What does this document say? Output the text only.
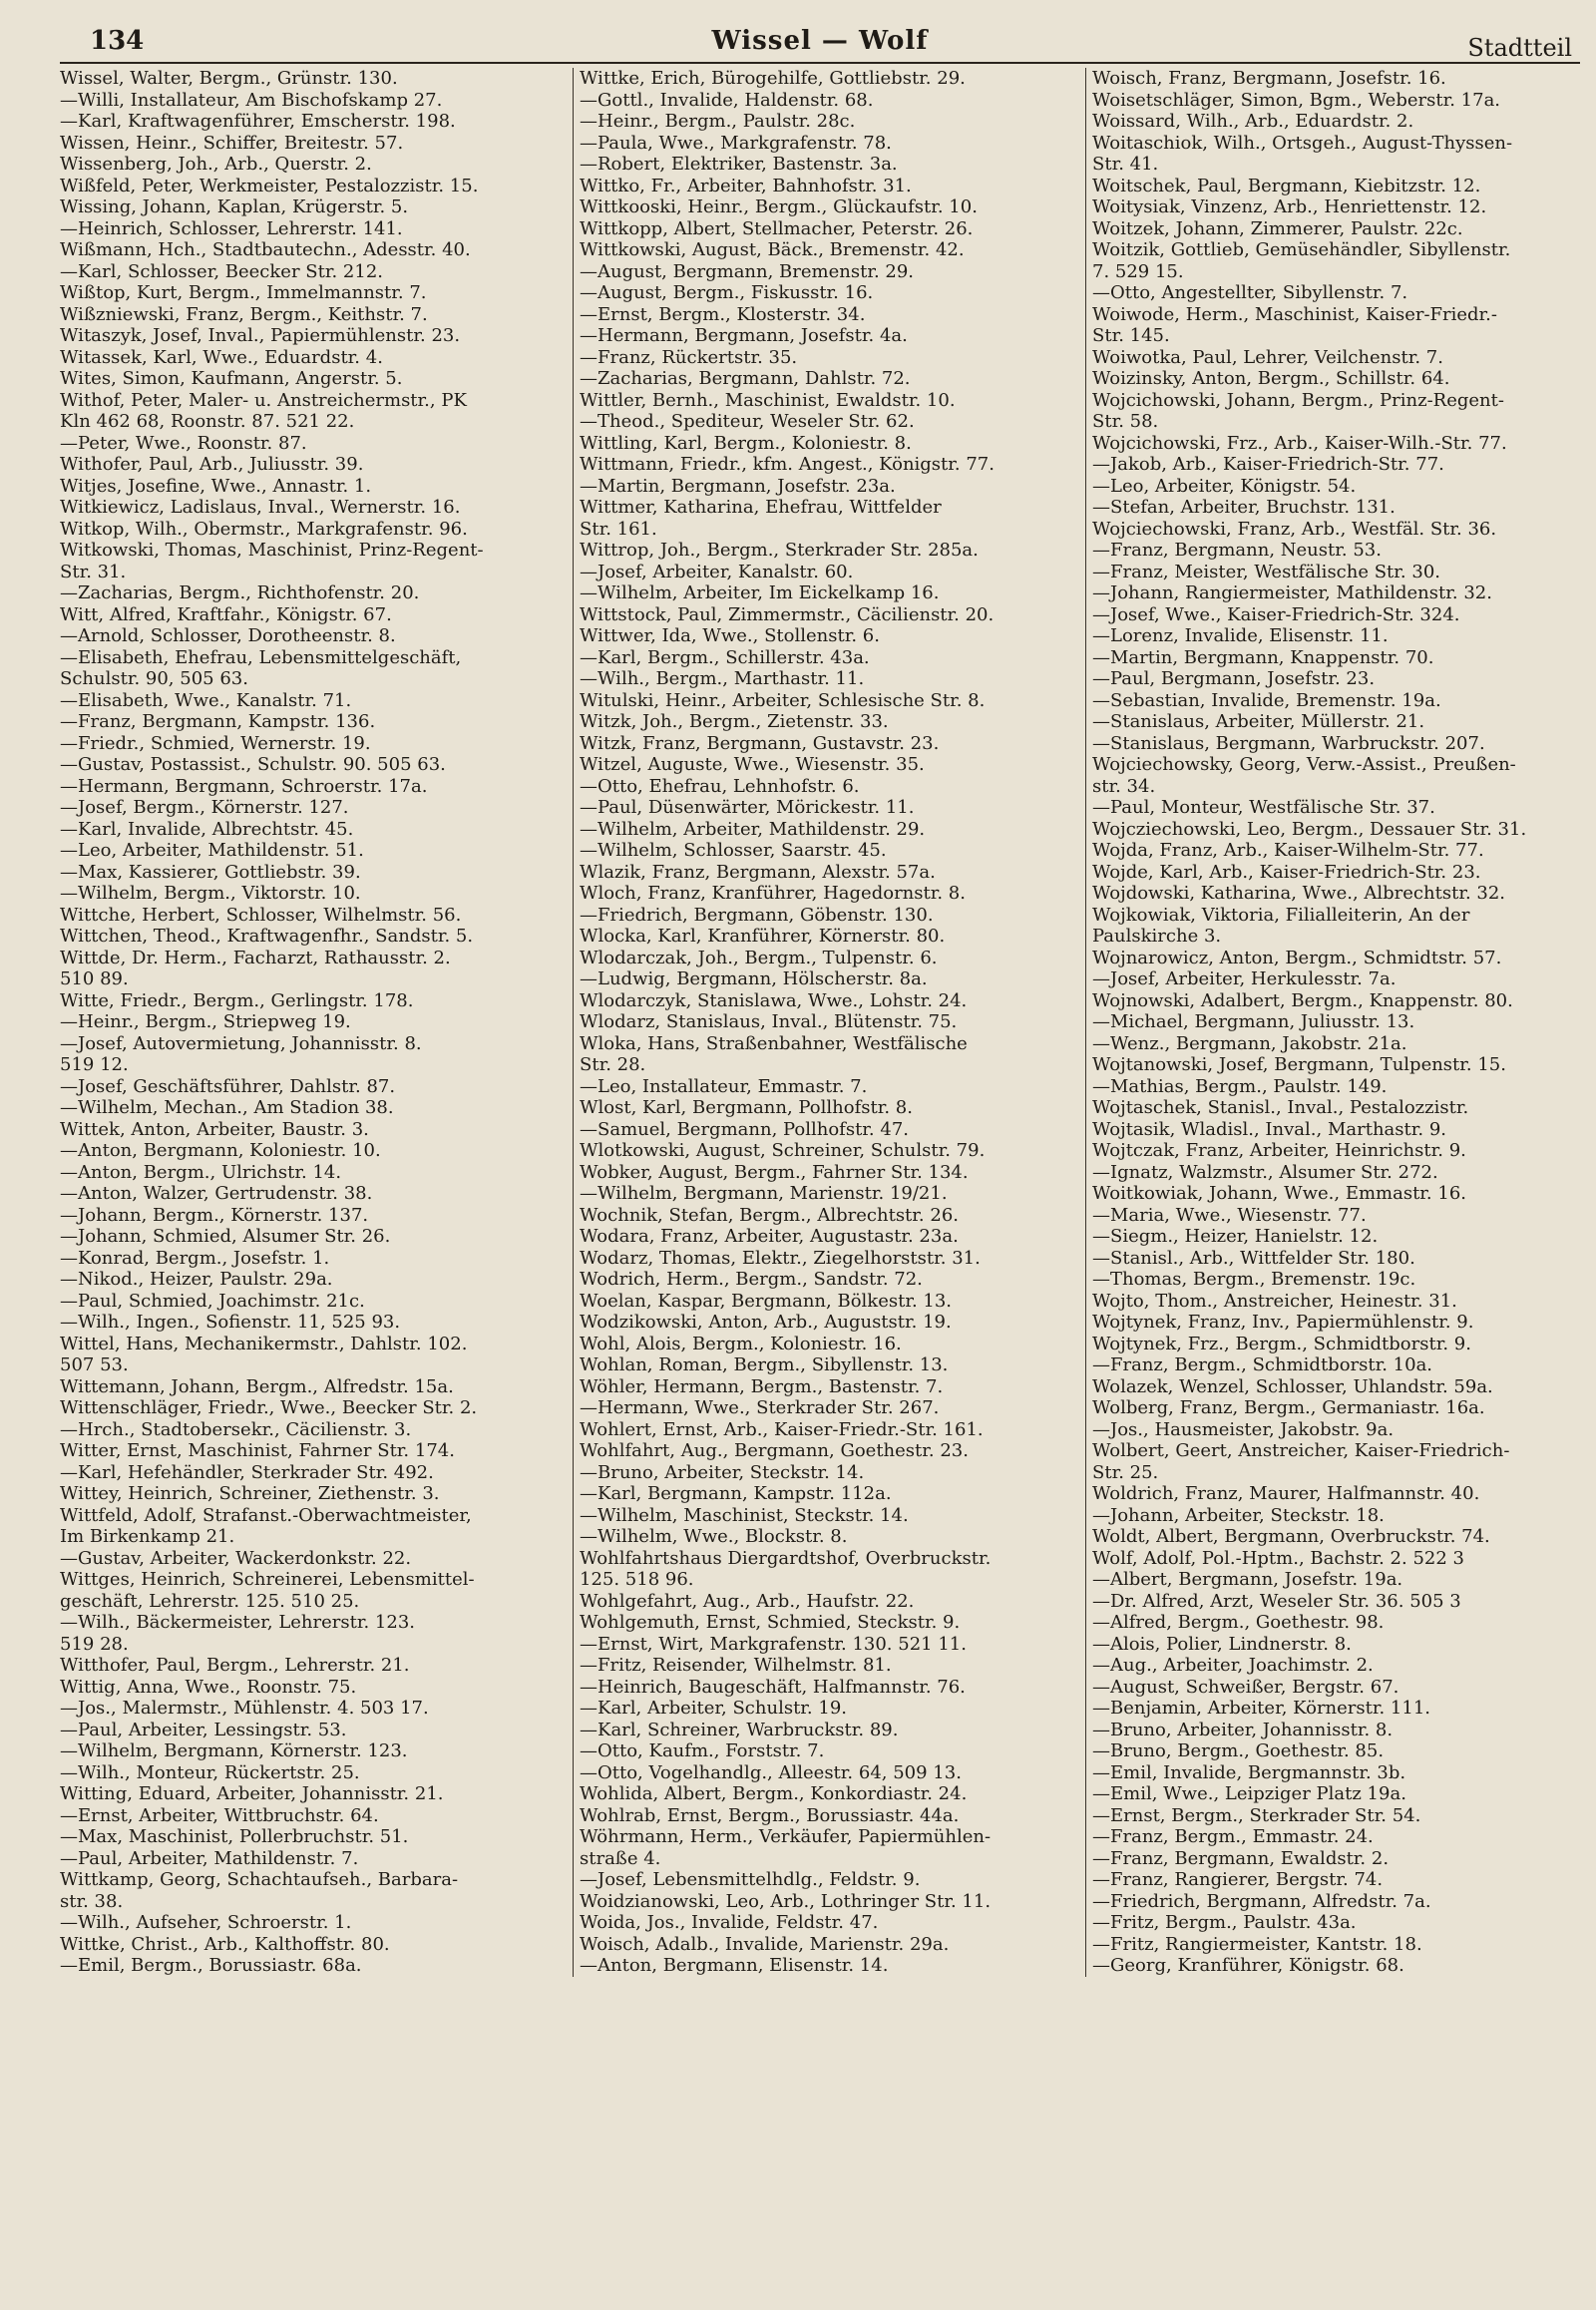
134	Wissel — Wolf	Stadtteil
Wissel, Walter, Bergm., Grünstr. 130.
—Willi, Installateur, Am Bischofskamp 27.
—Karl, Kraftwagenführer, Emscherstr. 198.
Wissen, Heinr., Schiffer, Breitestr. 57.
Wissenberg, Joh., Arb., Querstr. 2.
Wißfeld, Peter, Werkmeister, Pestalozzistr. 15.
Wissing, Johann, Kaplan, Krügerstr. 5.
—Heinrich, Schlosser, Lehrerstr. 141.
Wißmann, Hch., Stadtbautechn., Adesstr. 40.
—Karl, Schlosser, Beecker Str. 212.
Wißtop, Kurt, Bergm., Immelmannstr. 7.
Wißzniewski, Franz, Bergm., Keithstr. 7.
Witaszyk, Josef, Inval., Papiermühlenstr. 23.
Witassek, Karl, Wwe., Eduardstr. 4.
Wites, Simon, Kaufmann, Angerstr. 5.
Withof, Peter, Maler- u. Anstreichermstr., PK
Kln 462 68, Roonstr. 87. 521 22.
—Peter, Wwe., Roonstr. 87.
Withofer, Paul, Arb., Juliusstr. 39.
Witjes, Josefine, Wwe., Annastr. 1.
Witkiewicz, Ladislaus, Inval., Wernerstr. 16.
Witkop, Wilh., Obermstr., Markgrafenstr. 96.
Witkowski, Thomas, Maschinist, Prinz-Regent-
Str. 31.
—Zacharias, Bergm., Richthofenstr. 20.
Witt, Alfred, Kraftfahr., Königstr. 67.
—Arnold, Schlosser, Dorotheenstr. 8.
—Elisabeth, Ehefrau, Lebensmittelgeschäft,
Schulstr. 90, 505 63.
—Elisabeth, Wwe., Kanalstr. 71.
—Franz, Bergmann, Kampstr. 136.
—Friedr., Schmied, Wernerstr. 19.
—Gustav, Postassist., Schulstr. 90. 505 63.
—Hermann, Bergmann, Schroerstr. 17a.
—Josef, Bergm., Körnerstr. 127.
—Karl, Invalide, Albrechtstr. 45.
—Leo, Arbeiter, Mathildenstr. 51.
—Max, Kassierer, Gottliebstr. 39.
—Wilhelm, Bergm., Viktorstr. 10.
Wittche, Herbert, Schlosser, Wilhelmstr. 56.
Wittchen, Theod., Kraftwagenfhr., Sandstr. 5.
Wittde, Dr. Herm., Facharzt, Rathausstr. 2.
510 89.
Witte, Friedr., Bergm., Gerlingstr. 178.
—Heinr., Bergm., Striepweg 19.
—Josef, Autovermietung, Johannisstr. 8.
519 12.
—Josef, Geschäftsführer, Dahlstr. 87.
—Wilhelm, Mechan., Am Stadion 38.
Wittek, Anton, Arbeiter, Baustr. 3.
—Anton, Bergmann, Koloniestr. 10.
—Anton, Bergm., Ulrichstr. 14.
—Anton, Walzer, Gertrudenstr. 38.
—Johann, Bergm., Körnerstr. 137.
—Johann, Schmied, Alsumer Str. 26.
—Konrad, Bergm., Josefstr. 1.
—Nikod., Heizer, Paulstr. 29a.
—Paul, Schmied, Joachimstr. 21c.
—Wilh., Ingen., Sofienstr. 11, 525 93.
Wittel, Hans, Mechanikermstr., Dahlstr. 102.
507 53.
Wittemann, Johann, Bergm., Alfredstr. 15a.
Wittenschläger, Friedr., Wwe., Beecker Str. 2.
—Hrch., Stadtobersekr., Cäcilienstr. 3.
Witter, Ernst, Maschinist, Fahrner Str. 174.
—Karl, Hefehändler, Sterkrader Str. 492.
Wittey, Heinrich, Schreiner, Ziethenstr. 3.
Wittfeld, Adolf, Strafanst.-Oberwachtmeister,
Im Birkenkamp 21.
—Gustav, Arbeiter, Wackerdonkstr. 22.
Wittges, Heinrich, Schreinerei, Lebensmittel-
geschäft, Lehrerstr. 125. 510 25.
—Wilh., Bäckermeister, Lehrerstr. 123.
519 28.
Witthofer, Paul, Bergm., Lehrerstr. 21.
Wittig, Anna, Wwe., Roonstr. 75.
—Jos., Malermstr., Mühlenstr. 4. 503 17.
—Paul, Arbeiter, Lessingstr. 53.
—Wilhelm, Bergmann, Körnerstr. 123.
—Wilh., Monteur, Rückertstr. 25.
Witting, Eduard, Arbeiter, Johannisstr. 21.
—Ernst, Arbeiter, Wittbruchstr. 64.
—Max, Maschinist, Pollerbruchstr. 51.
—Paul, Arbeiter, Mathildenstr. 7.
Wittkamp, Georg, Schachtaufseh., Barbara-
str. 38.
—Wilh., Aufseher, Schroerstr. 1.
Wittke, Christ., Arb., Kalthoffstr. 80.
—Emil, Bergm., Borussiastr. 68a.
Wittke, Erich, Bürogehilfe, Gottliebstr. 29.
—Gottl., Invalide, Haldenstr. 68.
—Heinr., Bergm., Paulstr. 28c.
—Paula, Wwe., Markgrafenstr. 78.
—Robert, Elektriker, Bastenstr. 3a.
Wittko, Fr., Arbeiter, Bahnhofstr. 31.
Wittkooski, Heinr., Bergm., Glückaufstr. 10.
Wittkopp, Albert, Stellmacher, Peterstr. 26.
Wittkowski, August, Bäck., Bremenstr. 42.
—August, Bergmann, Bremenstr. 29.
—August, Bergm., Fiskusstr. 16.
—Ernst, Bergm., Klosterstr. 34.
—Hermann, Bergmann, Josefstr. 4a.
—Franz, Rückertstr. 35.
—Zacharias, Bergmann, Dahlstr. 72.
Wittler, Bernh., Maschinist, Ewaldstr. 10.
—Theod., Spediteur, Weseler Str. 62.
Wittling, Karl, Bergm., Koloniestr. 8.
Wittmann, Friedr., kfm. Angest., Königstr. 77.
—Martin, Bergmann, Josefstr. 23a.
Wittmer, Katharina, Ehefrau, Wittfelder
Str. 161.
Wittrop, Joh., Bergm., Sterkrader Str. 285a.
—Josef, Arbeiter, Kanalstr. 60.
—Wilhelm, Arbeiter, Im Eickelkamp 16.
Wittstock, Paul, Zimmermstr., Cäcilienstr. 20.
Wittwer, Ida, Wwe., Stollenstr. 6.
—Karl, Bergm., Schillerstr. 43a.
—Wilh., Bergm., Marthastr. 11.
Witulski, Heinr., Arbeiter, Schlesische Str. 8.
Witzk, Joh., Bergm., Zietenstr. 33.
Witzk, Franz, Bergmann, Gustavstr. 23.
Witzel, Auguste, Wwe., Wiesenstr. 35.
—Otto, Ehefrau, Lehnhofstr. 6.
—Paul, Düsenwärter, Mörickestr. 11.
—Wilhelm, Arbeiter, Mathildenstr. 29.
—Wilhelm, Schlosser, Saarstr. 45.
Wlazik, Franz, Bergmann, Alexstr. 57a.
Wloch, Franz, Kranführer, Hagedornstr. 8.
—Friedrich, Bergmann, Göbenstr. 130.
Wlocka, Karl, Kranführer, Körnerstr. 80.
Wlodarczak, Joh., Bergm., Tulpenstr. 6.
—Ludwig, Bergmann, Hölscherstr. 8a.
Wlodarczyk, Stanislawa, Wwe., Lohstr. 24.
Wlodarz, Stanislaus, Inval., Blütenstr. 75.
Wloka, Hans, Straßenbahner, Westfälische
Str. 28.
—Leo, Installateur, Emmastr. 7.
Wlost, Karl, Bergmann, Pollhofstr. 8.
—Samuel, Bergmann, Pollhofstr. 47.
Wlotkowski, August, Schreiner, Schulstr. 79.
Wobker, August, Bergm., Fahrner Str. 134.
—Wilhelm, Bergmann, Marienstr. 19/21.
Wochnik, Stefan, Bergm., Albrechtstr. 26.
Wodara, Franz, Arbeiter, Augustastr. 23a.
Wodarz, Thomas, Elektr., Ziegelhorststr. 31.
Wodrich, Herm., Bergm., Sandstr. 72.
Woelan, Kaspar, Bergmann, Bölkestr. 13.
Wodzikowski, Anton, Arb., Auguststr. 19.
Wohl, Alois, Bergm., Koloniestr. 16.
Wohlan, Roman, Bergm., Sibyllenstr. 13.
Wöhler, Hermann, Bergm., Bastenstr. 7.
—Hermann, Wwe., Sterkrader Str. 267.
Wohlert, Ernst, Arb., Kaiser-Friedr.-Str. 161.
Wohlfahrt, Aug., Bergmann, Goethestr. 23.
—Bruno, Arbeiter, Steckstr. 14.
—Karl, Bergmann, Kampstr. 112a.
—Wilhelm, Maschinist, Steckstr. 14.
—Wilhelm, Wwe., Blockstr. 8.
Wohlfahrtshaus Diergardtshof, Overbruckstr.
125. 518 96.
Wohlgefahrt, Aug., Arb., Haufstr. 22.
Wohlgemuth, Ernst, Schmied, Steckstr. 9.
—Ernst, Wirt, Markgrafenstr. 130. 521 11.
—Fritz, Reisender, Wilhelmstr. 81.
—Heinrich, Baugeschäft, Halfmannstr. 76.
—Karl, Arbeiter, Schulstr. 19.
—Karl, Schreiner, Warbruckstr. 89.
—Otto, Kaufm., Forststr. 7.
—Otto, Vogelhandlg., Alleestr. 64, 509 13.
Wohlida, Albert, Bergm., Konkordiastr. 24.
Wohlrab, Ernst, Bergm., Borussiastr. 44a.
Wöhrmann, Herm., Verkäufer, Papiermühlen-
straße 4.
—Josef, Lebensmittelhdlg., Feldstr. 9.
Woidzianowski, Leo, Arb., Lothringer Str. 11.
Woida, Jos., Invalide, Feldstr. 47.
Woisch, Adalb., Invalide, Marienstr. 29a.
—Anton, Bergmann, Elisenstr. 14.
Woisch, Franz, Bergmann, Josefstr. 16.
Woisetschläger, Simon, Bgm., Weberstr. 17a.
Woissard, Wilh., Arb., Eduardstr. 2.
Woitaschiok, Wilh., Ortsgeh., August-Thyssen-
Str. 41.
Woitschek, Paul, Bergmann, Kiebitzstr. 12.
Woitysiak, Vinzenz, Arb., Henriettenstr. 12.
Woitzek, Johann, Zimmerer, Paulstr. 22c.
Woitzik, Gottlieb, Gemüsehändler, Sibyllenstr.
7. 529 15.
—Otto, Angestellter, Sibyllenstr. 7.
Woiwode, Herm., Maschinist, Kaiser-Friedr.-
Str. 145.
Woiwotka, Paul, Lehrer, Veilchenstr. 7.
Woizinsky, Anton, Bergm., Schillstr. 64.
Wojcichowski, Johann, Bergm., Prinz-Regent-
Str. 58.
Wojcichowski, Frz., Arb., Kaiser-Wilh.-Str. 77.
—Jakob, Arb., Kaiser-Friedrich-Str. 77.
—Leo, Arbeiter, Königstr. 54.
—Stefan, Arbeiter, Bruchstr. 131.
Wojciechowski, Franz, Arb., Westfäl. Str. 36.
—Franz, Bergmann, Neustr. 53.
—Franz, Meister, Westfälische Str. 30.
—Johann, Rangiermeister, Mathildenstr. 32.
—Josef, Wwe., Kaiser-Friedrich-Str. 324.
—Lorenz, Invalide, Elisenstr. 11.
—Martin, Bergmann, Knappenstr. 70.
—Paul, Bergmann, Josefstr. 23.
—Sebastian, Invalide, Bremenstr. 19a.
—Stanislaus, Arbeiter, Müllerstr. 21.
—Stanislaus, Bergmann, Warbruckstr. 207.
Wojciechowsky, Georg, Verw.-Assist., Preußen-
str. 34.
—Paul, Monteur, Westfälische Str. 37.
Wojcziechowski, Leo, Bergm., Dessauer Str. 31.
Wojda, Franz, Arb., Kaiser-Wilhelm-Str. 77.
Wojde, Karl, Arb., Kaiser-Friedrich-Str. 23.
Wojdowski, Katharina, Wwe., Albrechtstr. 32.
Wojkowiak, Viktoria, Filialleiterin, An der
Paulskirche 3.
Wojnarowicz, Anton, Bergm., Schmidtstr. 57.
—Josef, Arbeiter, Herkulesstr. 7a.
Wojnowski, Adalbert, Bergm., Knappenstr. 80.
—Michael, Bergmann, Juliusstr. 13.
—Wenz., Bergmann, Jakobstr. 21a.
Wojtanowski, Josef, Bergmann, Tulpenstr. 15.
—Mathias, Bergm., Paulstr. 149.
Wojtaschek, Stanisl., Inval., Pestalozzistr.
Wojtasik, Wladisl., Inval., Marthastr. 9.
Wojtczak, Franz, Arbeiter, Heinrichstr. 9.
—Ignatz, Walzmstr., Alsumer Str. 272.
Woitkowiak, Johann, Wwe., Emmastr. 16.
—Maria, Wwe., Wiesenstr. 77.
—Siegm., Heizer, Hanielstr. 12.
—Stanisl., Arb., Wittfelder Str. 180.
—Thomas, Bergm., Bremenstr. 19c.
Wojto, Thom., Anstreicher, Heinestr. 31.
Wojtynek, Franz, Inv., Papiermühlenstr. 9.
Wojtynek, Frz., Bergm., Schmidtborstr. 9.
—Franz, Bergm., Schmidtborstr. 10a.
Wolazek, Wenzel, Schlosser, Uhlandstr. 59a.
Wolberg, Franz, Bergm., Germaniastr. 16a.
—Jos., Hausmeister, Jakobstr. 9a.
Wolbert, Geert, Anstreicher, Kaiser-Friedrich-
Str. 25.
Woldrich, Franz, Maurer, Halfmannstr. 40.
—Johann, Arbeiter, Steckstr. 18.
Woldt, Albert, Bergmann, Overbruckstr. 74.
Wolf, Adolf, Pol.-Hptm., Bachstr. 2. 522 3
—Albert, Bergmann, Josefstr. 19a.
—Dr. Alfred, Arzt, Weseler Str. 36. 505 3
—Alfred, Bergm., Goethestr. 98.
—Alois, Polier, Lindnerstr. 8.
—Aug., Arbeiter, Joachimstr. 2.
—August, Schweißer, Bergstr. 67.
—Benjamin, Arbeiter, Körnerstr. 111.
—Bruno, Arbeiter, Johannisstr. 8.
—Bruno, Bergm., Goethestr. 85.
—Emil, Invalide, Bergmannstr. 3b.
—Emil, Wwe., Leipziger Platz 19a.
—Ernst, Bergm., Sterkrader Str. 54.
—Franz, Bergm., Emmastr. 24.
—Franz, Bergmann, Ewaldstr. 2.
—Franz, Rangierer, Bergstr. 74.
—Friedrich, Bergmann, Alfredstr. 7a.
—Fritz, Bergm., Paulstr. 43a.
—Fritz, Rangiermeister, Kantstr. 18.
—Georg, Kranführer, Königstr. 68.
